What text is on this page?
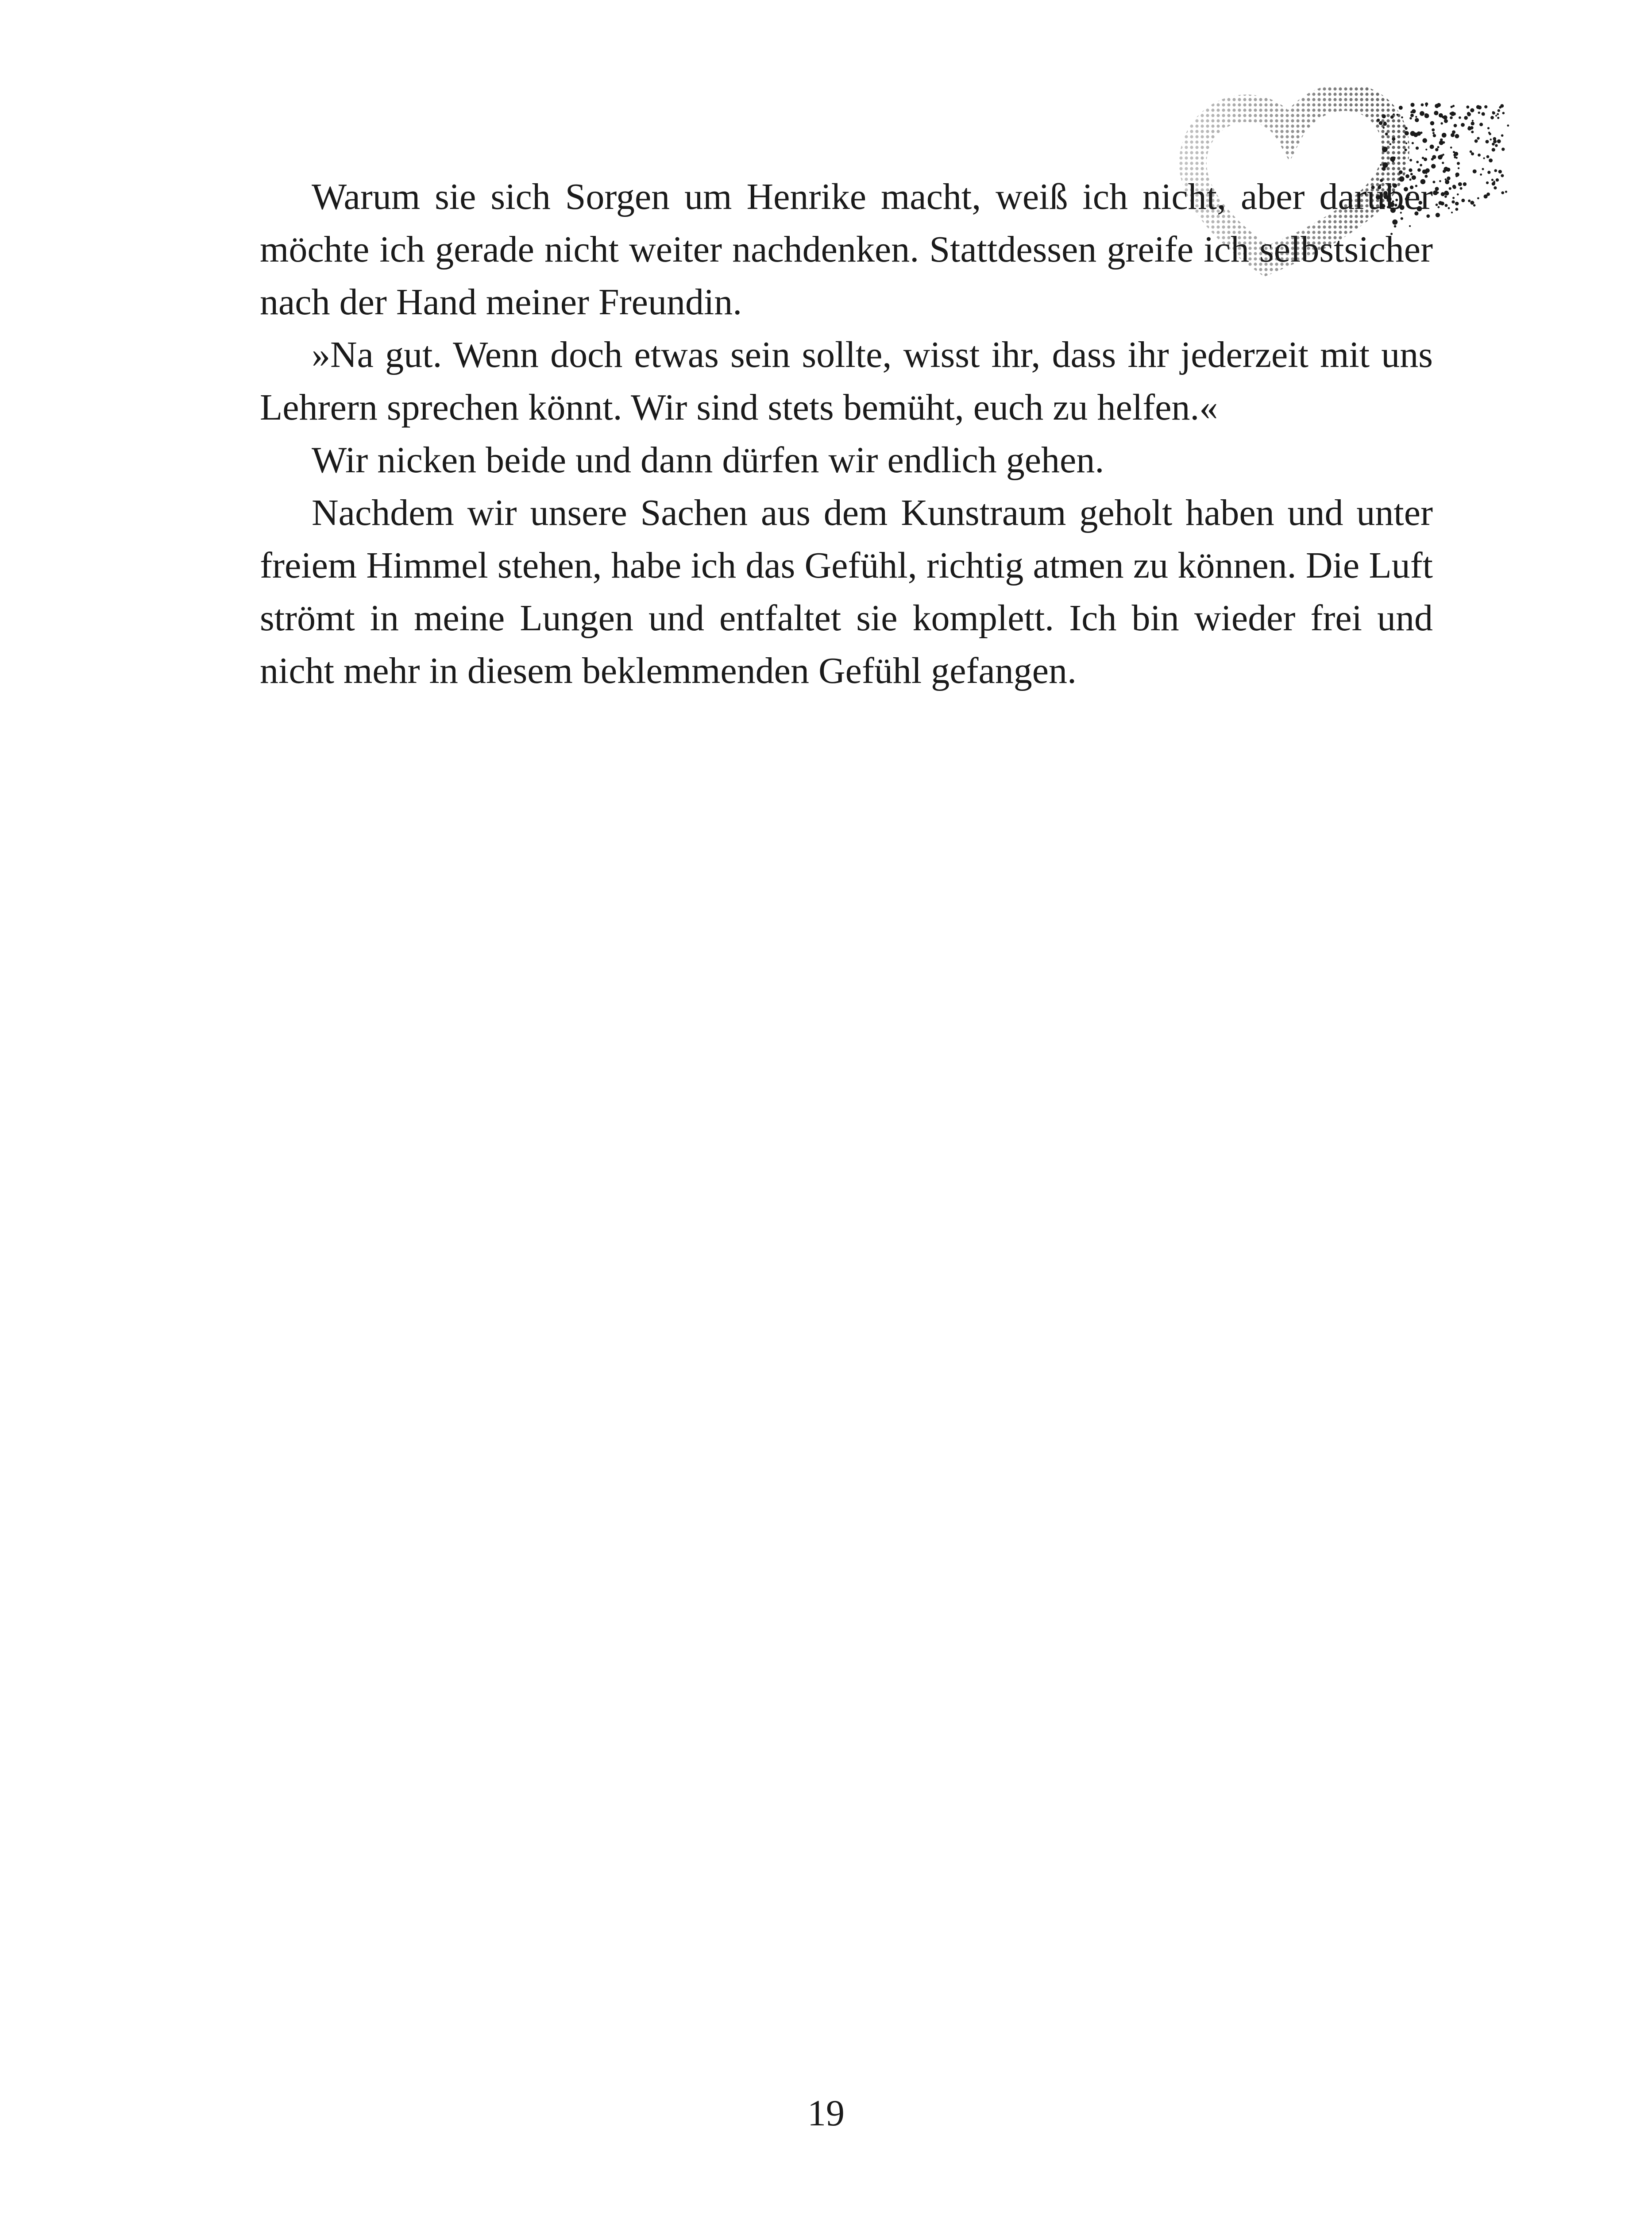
Warum sie sich Sorgen um Henrike macht, weiß ich nicht, aber darüber möchte ich gerade nicht weiter nachdenken. Stattdessen greife ich selbstsicher nach der Hand meiner Freundin.

»Na gut. Wenn doch etwas sein sollte, wisst ihr, dass ihr jederzeit mit uns Lehrern sprechen könnt. Wir sind stets bemüht, euch zu helfen.«

Wir nicken beide und dann dürfen wir endlich gehen.

Nachdem wir unsere Sachen aus dem Kunstraum geholt haben und unter freiem Himmel stehen, habe ich das Gefühl, richtig atmen zu können. Die Luft strömt in meine Lungen und entfaltet sie komplett. Ich bin wieder frei und nicht mehr in diesem beklemmenden Gefühl gefangen.

19
